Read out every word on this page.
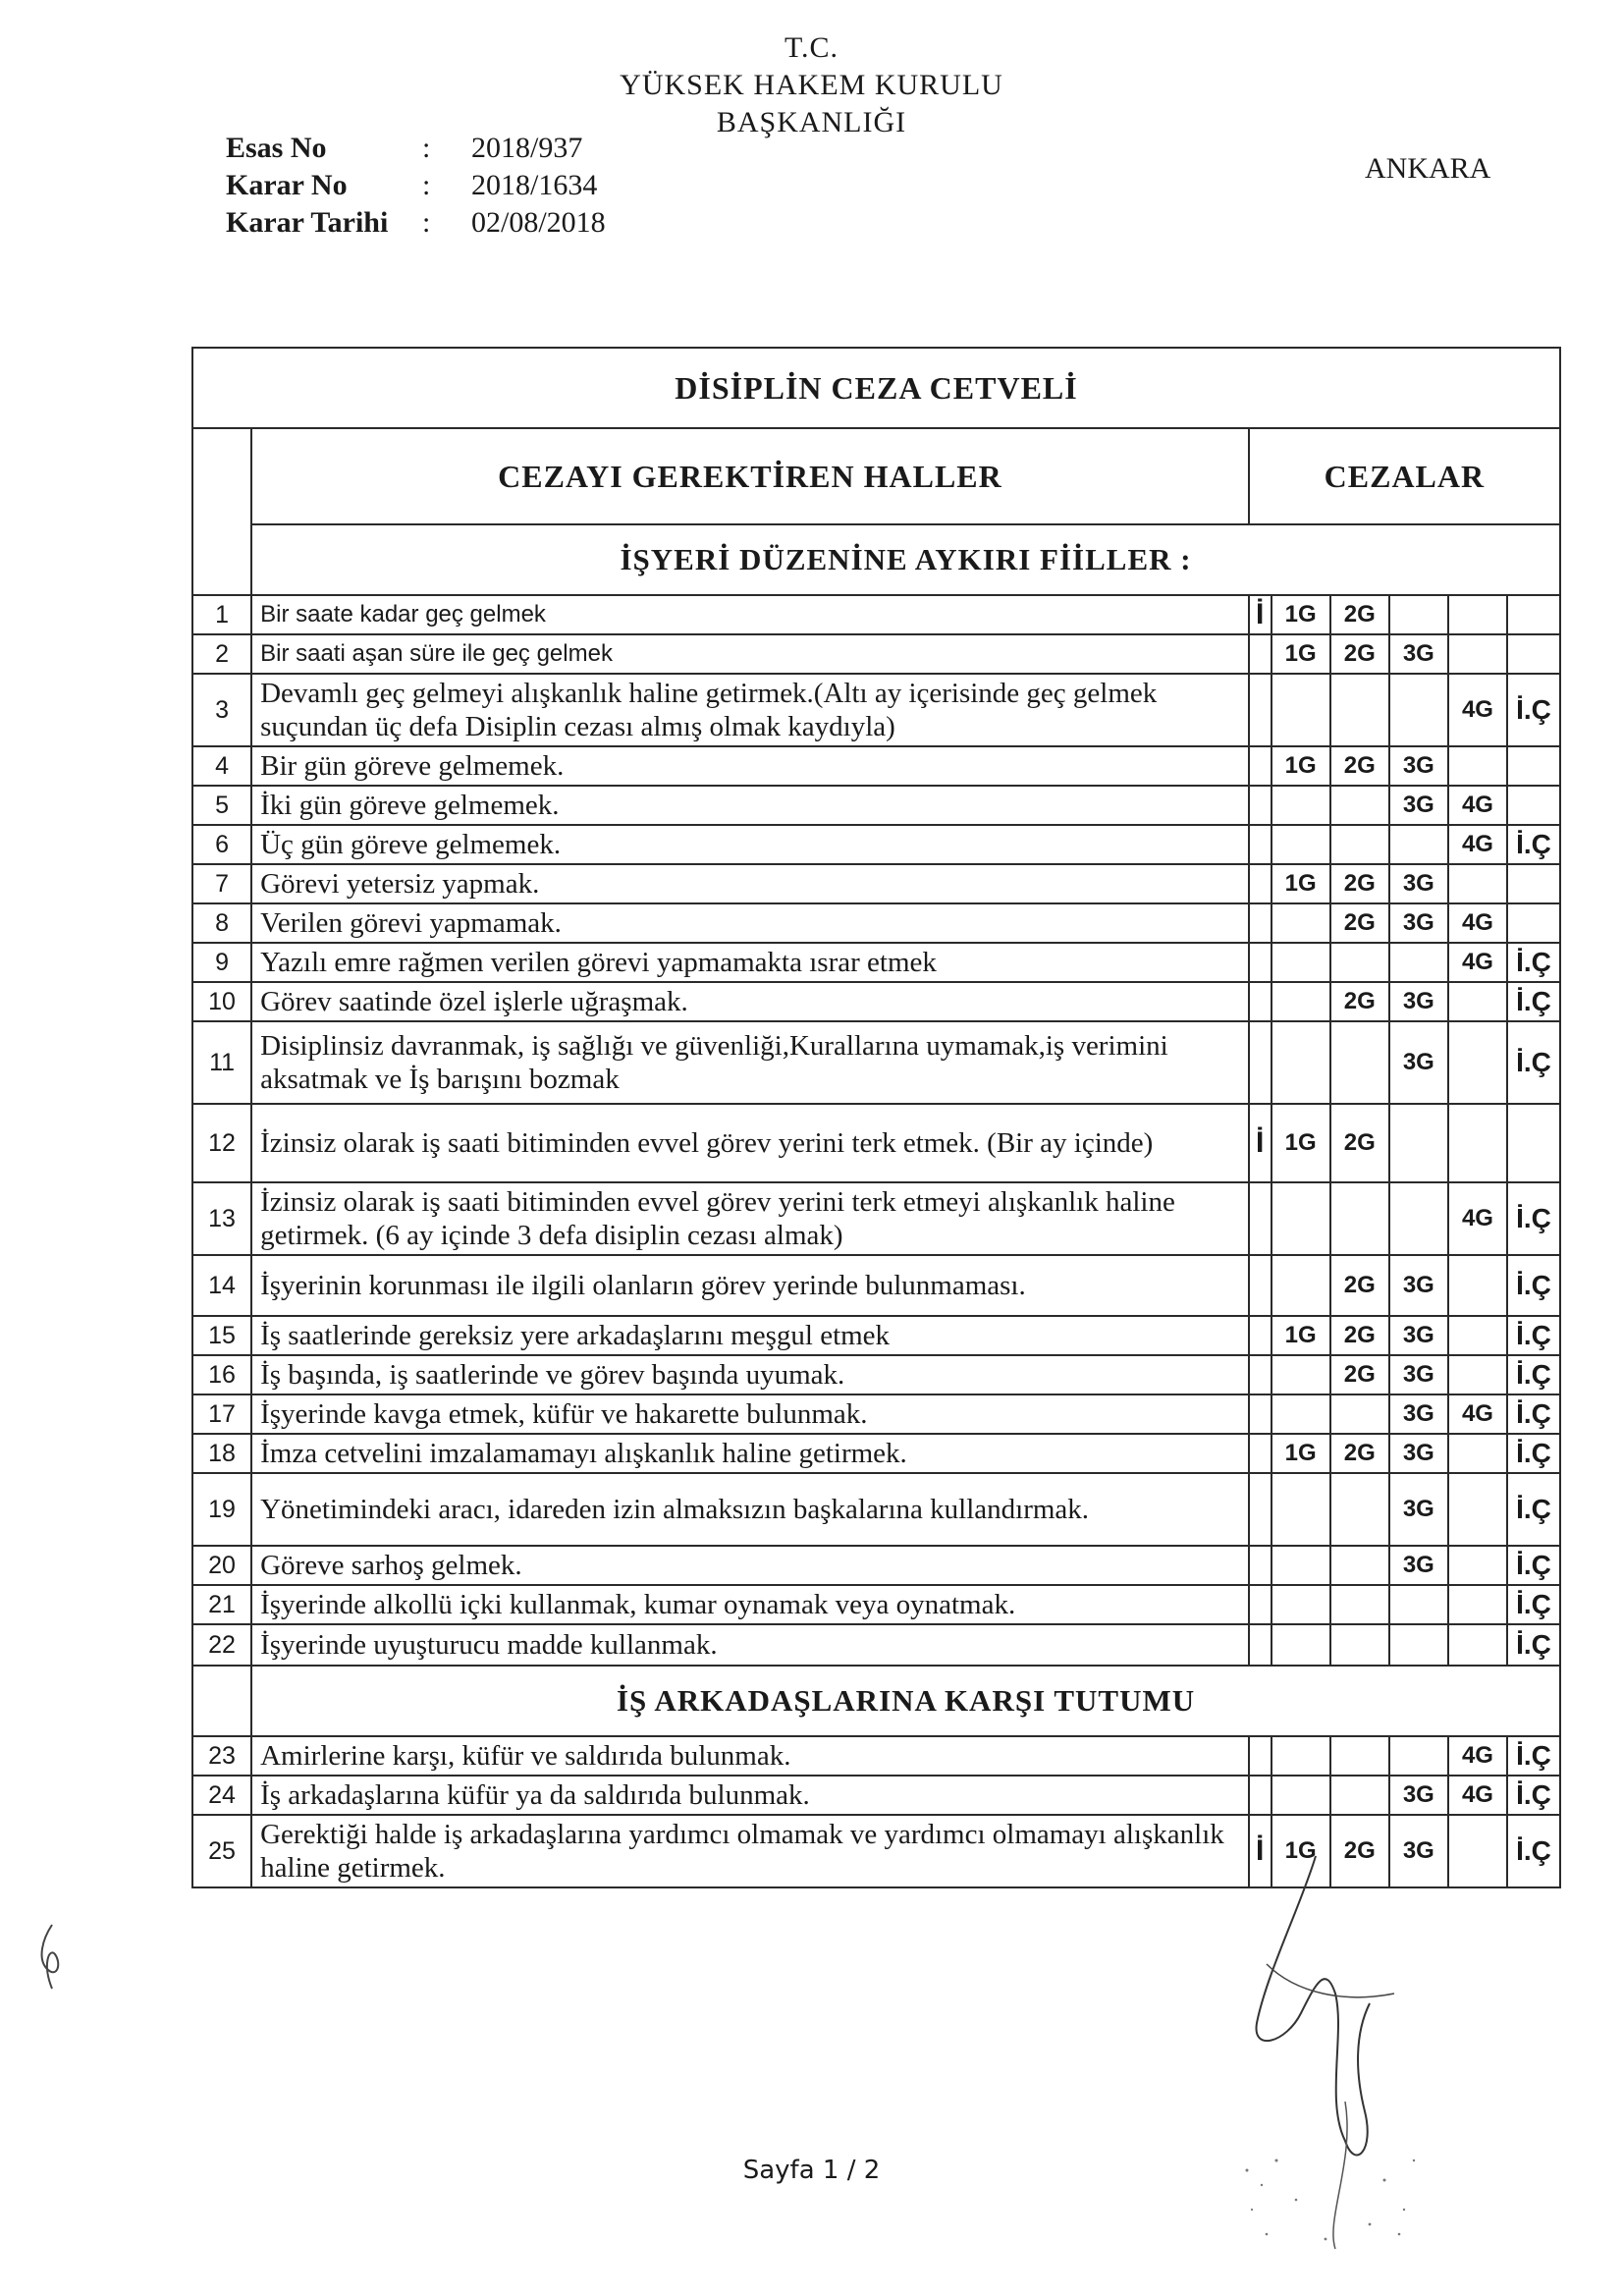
T.C.
YÜKSEK HAKEM KURULU
BAŞKANLIĞI
Esas No	:	2018/937
Karar No	:	2018/1634
Karar Tarihi	:	02/08/2018
ANKARA
DİSİPLİN CEZA CETVELİ							
	CEZAYI GEREKTİREN HALLER	CEZALAR					
	İŞYERİ DÜZENİNE AYKIRI FİİLLER :						
1	Bir saate kadar geç gelmek	İ	1G	2G			
2	Bir saati aşan süre ile geç gelmek		1G	2G	3G		
3	Devamlı geç gelmeyi alışkanlık haline getirmek.(Altı ay içerisinde geç gelmek suçundan üç defa Disiplin cezası almış olmak kaydıyla)					4G	İ.Ç
4	Bir gün göreve gelmemek.		1G	2G	3G		
5	İki gün göreve gelmemek.				3G	4G	
6	Üç gün göreve gelmemek.					4G	İ.Ç
7	Görevi yetersiz yapmak.		1G	2G	3G		
8	Verilen görevi yapmamak.			2G	3G	4G	
9	Yazılı emre rağmen verilen görevi yapmamakta ısrar etmek					4G	İ.Ç
10	Görev saatinde özel işlerle uğraşmak.			2G	3G		İ.Ç
11	Disiplinsiz davranmak, iş sağlığı ve güvenliği,Kurallarına uymamak,iş verimini aksatmak ve İş barışını bozmak				3G		İ.Ç
12	İzinsiz olarak iş saati bitiminden evvel görev yerini terk etmek. (Bir ay içinde)	İ	1G	2G			
13	İzinsiz olarak iş saati bitiminden evvel görev yerini terk etmeyi alışkanlık haline getirmek. (6 ay içinde 3 defa disiplin cezası almak)					4G	İ.Ç
14	İşyerinin korunması ile ilgili olanların görev yerinde bulunmaması.			2G	3G		İ.Ç
15	İş saatlerinde gereksiz yere arkadaşlarını meşgul etmek		1G	2G	3G		İ.Ç
16	İş başında, iş saatlerinde ve görev başında uyumak.			2G	3G		İ.Ç
17	İşyerinde kavga etmek, küfür ve hakarette bulunmak.				3G	4G	İ.Ç
18	İmza cetvelini imzalamamayı alışkanlık haline getirmek.		1G	2G	3G		İ.Ç
19	Yönetimindeki aracı, idareden izin almaksızın başkalarına kullandırmak.				3G		İ.Ç
20	Göreve sarhoş gelmek.				3G		İ.Ç
21	İşyerinde alkollü içki kullanmak, kumar oynamak veya oynatmak.						İ.Ç
22	İşyerinde uyuşturucu madde kullanmak.						İ.Ç
	İŞ ARKADAŞLARINA KARŞI TUTUMU						
23	Amirlerine karşı, küfür ve saldırıda bulunmak.					4G	İ.Ç
24	İş arkadaşlarına küfür ya da saldırıda bulunmak.				3G	4G	İ.Ç
25	Gerektiği halde iş arkadaşlarına yardımcı olmamak ve yardımcı olmamayı alışkanlık haline getirmek.	İ	1G	2G	3G		İ.Ç
Sayfa 1 / 2
